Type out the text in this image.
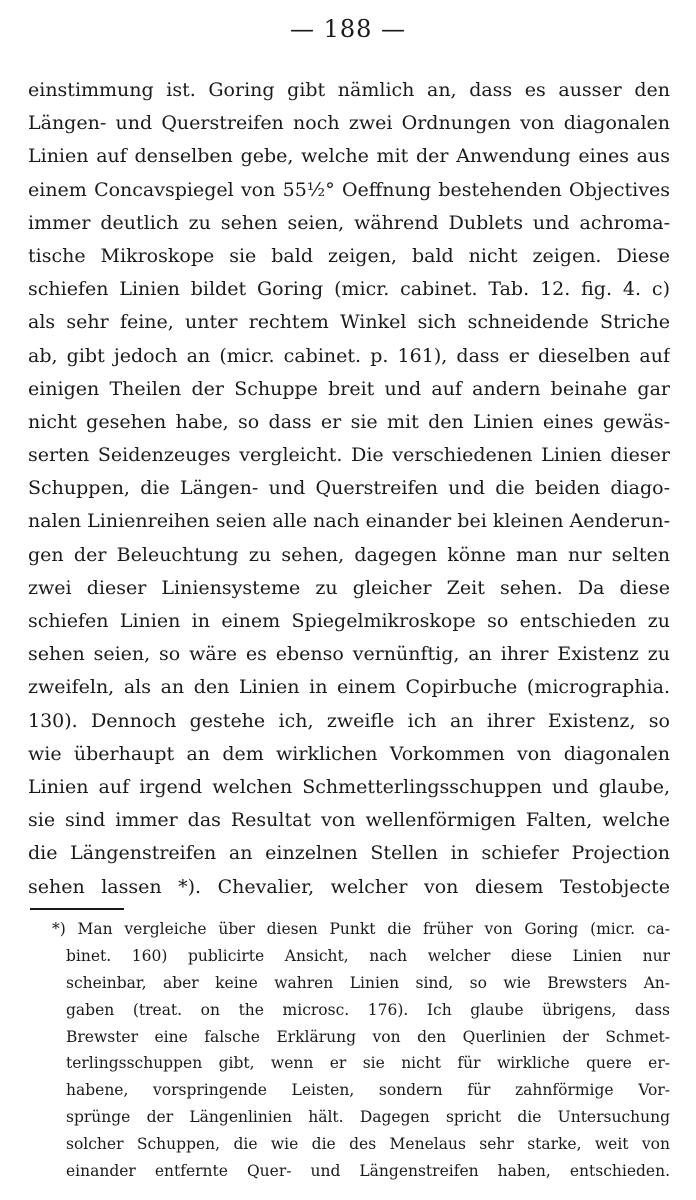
— 188 —
einstimmung ist. Goring gibt nämlich an, dass es ausser den
Längen- und Querstreifen noch zwei Ordnungen von diagonalen
Linien auf denselben gebe, welche mit der Anwendung eines aus
einem Concavspiegel von 55½° Oeffnung bestehenden Objectives
immer deutlich zu sehen seien, während Dublets und achroma-
tische Mikroskope sie bald zeigen, bald nicht zeigen. Diese
schiefen Linien bildet Goring (micr. cabinet. Tab. 12. fig. 4. c)
als sehr feine, unter rechtem Winkel sich schneidende Striche
ab, gibt jedoch an (micr. cabinet. p. 161), dass er dieselben auf
einigen Theilen der Schuppe breit und auf andern beinahe gar
nicht gesehen habe, so dass er sie mit den Linien eines gewäs-
serten Seidenzeuges vergleicht. Die verschiedenen Linien dieser
Schuppen, die Längen- und Querstreifen und die beiden diago-
nalen Linienreihen seien alle nach einander bei kleinen Aenderun-
gen der Beleuchtung zu sehen, dagegen könne man nur selten
zwei dieser Liniensysteme zu gleicher Zeit sehen. Da diese
schiefen Linien in einem Spiegelmikroskope so entschieden zu
sehen seien, so wäre es ebenso vernünftig, an ihrer Existenz zu
zweifeln, als an den Linien in einem Copirbuche (micrographia.
130). Dennoch gestehe ich, zweifle ich an ihrer Existenz, so
wie überhaupt an dem wirklichen Vorkommen von diagonalen
Linien auf irgend welchen Schmetterlingsschuppen und glaube,
sie sind immer das Resultat von wellenförmigen Falten, welche
die Längenstreifen an einzelnen Stellen in schiefer Projection
sehen lassen *). Chevalier, welcher von diesem Testobjecte
*) Man vergleiche über diesen Punkt die früher von Goring (micr. ca-
binet. 160) publicirte Ansicht, nach welcher diese Linien nur
scheinbar, aber keine wahren Linien sind, so wie Brewsters An-
gaben (treat. on the microsc. 176). Ich glaube übrigens, dass
Brewster eine falsche Erklärung von den Querlinien der Schmet-
terlingsschuppen gibt, wenn er sie nicht für wirkliche quere er-
habene, vorspringende Leisten, sondern für zahnförmige Vor-
sprünge der Längenlinien hält. Dagegen spricht die Untersuchung
solcher Schuppen, die wie die des Menelaus sehr starke, weit von
einander entfernte Quer- und Längenstreifen haben, entschieden.
